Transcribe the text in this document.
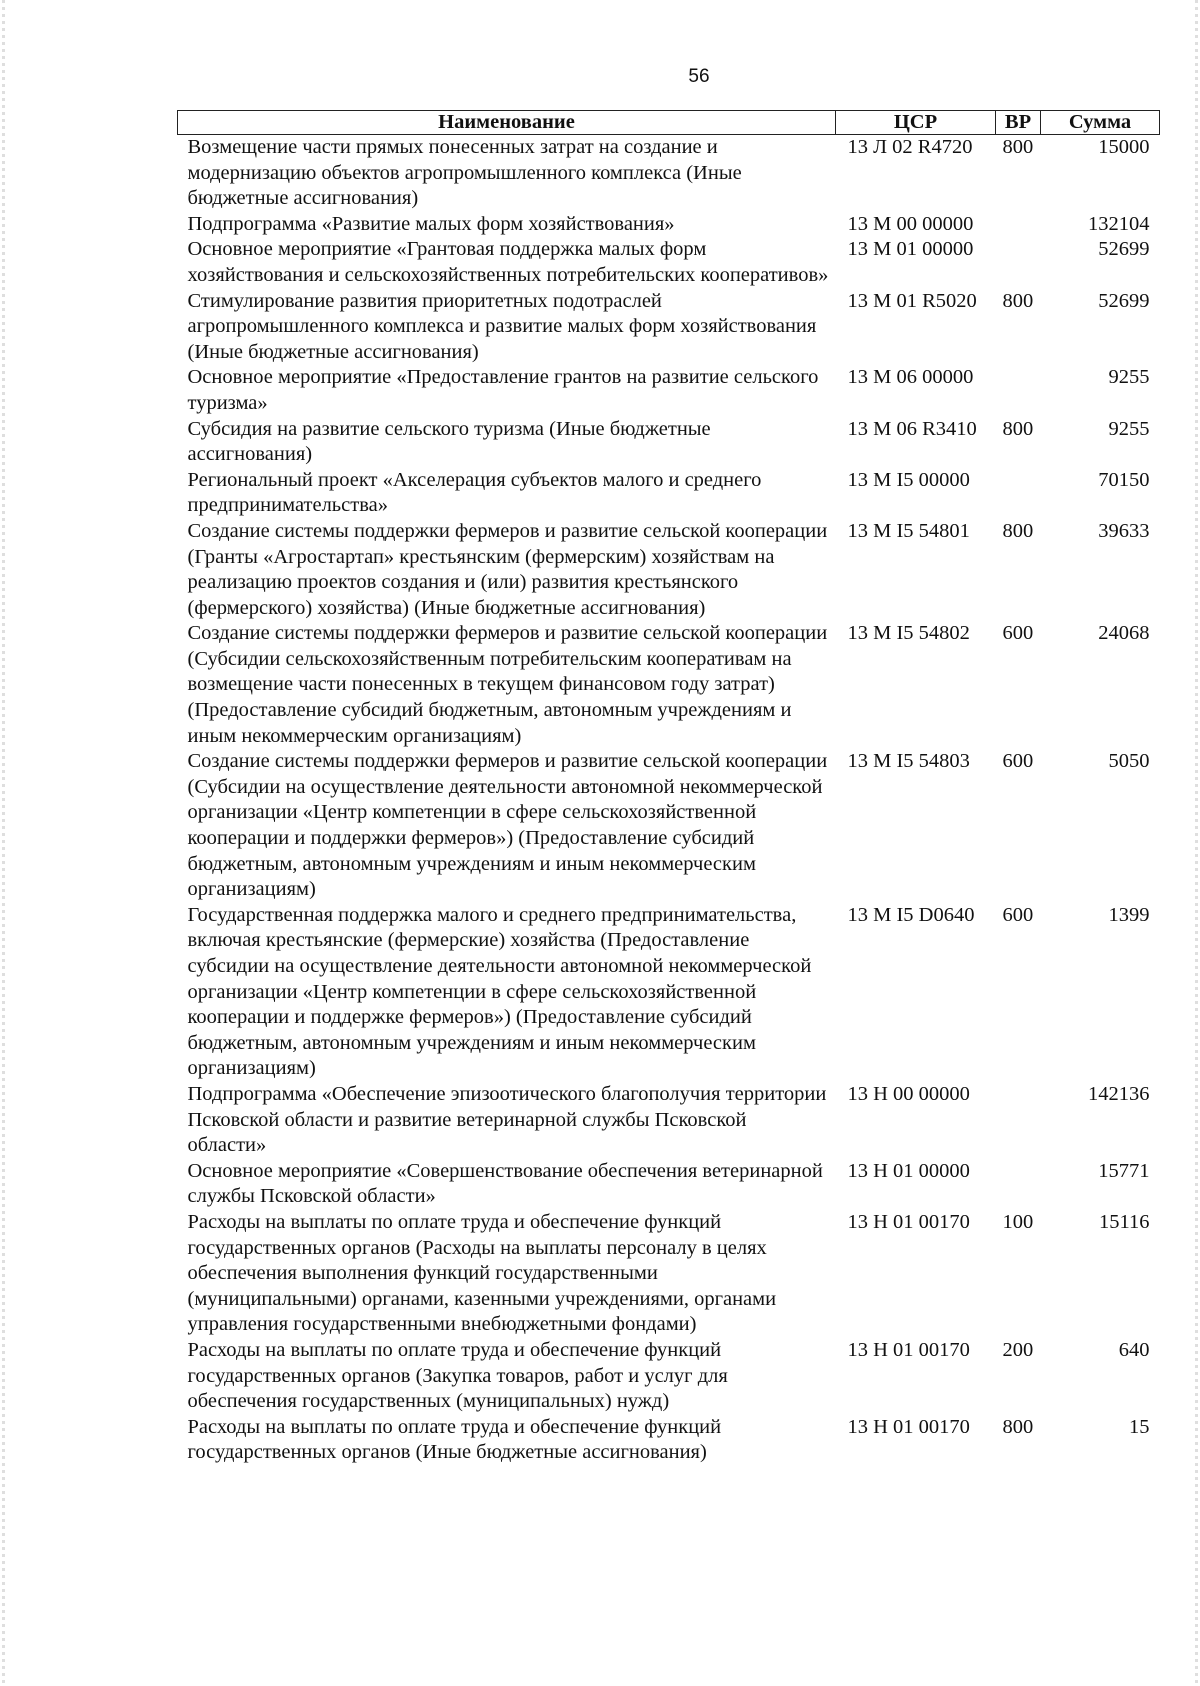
56
Наименование	ЦСР	ВР	Сумма
Возмещение части прямых понесенных затрат на создание и модернизацию объектов агропромышленного комплекса (Иные бюджетные ассигнования)	13 Л 02 R4720	800	15000
Подпрограмма «Развитие малых форм хозяйствования»	13 М 00 00000		132104
Основное мероприятие «Грантовая поддержка малых форм хозяйствования и сельскохозяйственных потребительских кооперативов»	13 М 01 00000		52699
Стимулирование развития приоритетных подотраслей агропромышленного комплекса и развитие малых форм хозяйствования (Иные бюджетные ассигнования)	13 М 01 R5020	800	52699
Основное мероприятие «Предоставление грантов на развитие сельского туризма»	13 М 06 00000		9255
Субсидия на развитие сельского туризма (Иные бюджетные ассигнования)	13 М 06 R3410	800	9255
Региональный проект «Акселерация субъектов малого и среднего предпринимательства»	13 М I5 00000		70150
Создание системы поддержки фермеров и развитие сельской кооперации (Гранты «Агростартап» крестьянским (фермерским) хозяйствам на реализацию проектов создания и (или) развития крестьянского (фермерского) хозяйства) (Иные бюджетные ассигнования)	13 М I5 54801	800	39633
Создание системы поддержки фермеров и развитие сельской кооперации (Субсидии сельскохозяйственным потребительским кооперативам на возмещение части понесенных в текущем финансовом году затрат) (Предоставление субсидий бюджетным, автономным учреждениям и иным некоммерческим организациям)	13 М I5 54802	600	24068
Создание системы поддержки фермеров и развитие сельской кооперации (Субсидии на осуществление деятельности автономной некоммерческой организации «Центр компетенции в сфере сельскохозяйственной кооперации и поддержки фермеров») (Предоставление субсидий бюджетным, автономным учреждениям и иным некоммерческим организациям)	13 М I5 54803	600	5050
Государственная поддержка малого и среднего предпринимательства, включая крестьянские (фермерские) хозяйства (Предоставление субсидии на осуществление деятельности автономной некоммерческой организации «Центр компетенции в сфере сельскохозяйственной кооперации и поддержке фермеров») (Предоставление субсидий бюджетным, автономным учреждениям и иным некоммерческим организациям)	13 М I5 D0640	600	1399
Подпрограмма «Обеспечение эпизоотического благополучия территории Псковской области и развитие ветеринарной службы Псковской области»	13 Н 00 00000		142136
Основное мероприятие «Совершенствование обеспечения ветеринарной службы Псковской области»	13 Н 01 00000		15771
Расходы на выплаты по оплате труда и обеспечение функций государственных органов (Расходы на выплаты персоналу в целях обеспечения выполнения функций государственными (муниципальными) органами, казенными учреждениями, органами управления государственными внебюджетными фондами)	13 Н 01 00170	100	15116
Расходы на выплаты по оплате труда и обеспечение функций государственных органов (Закупка товаров, работ и услуг для обеспечения государственных (муниципальных) нужд)	13 Н 01 00170	200	640
Расходы на выплаты по оплате труда и обеспечение функций государственных органов (Иные бюджетные ассигнования)	13 Н 01 00170	800	15
